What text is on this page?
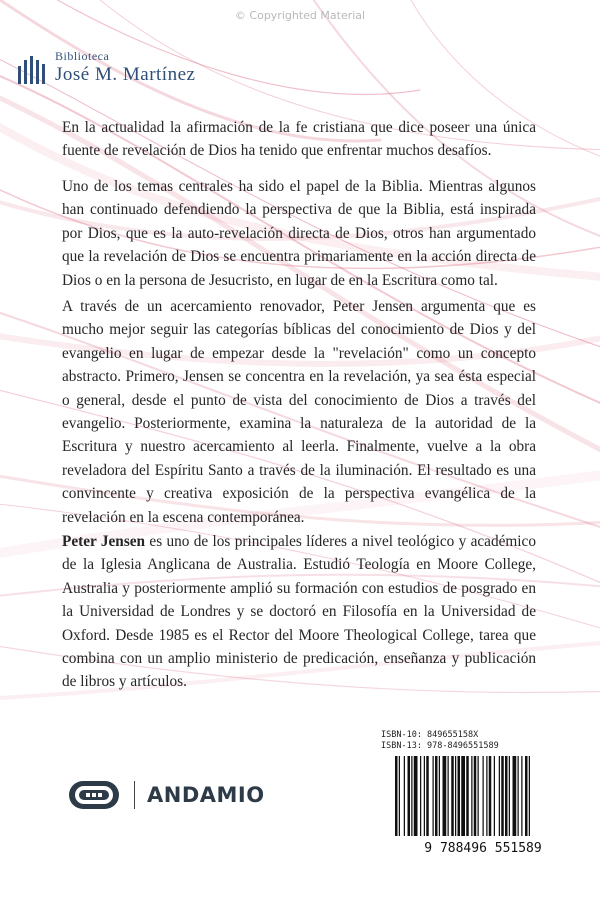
© Copyrighted Material
Biblioteca
José M. Martínez
En la actualidad la afirmación de la fe cristiana que dice poseer una única fuente de revelación de Dios ha tenido que enfrentar muchos desafíos.
Uno de los temas centrales ha sido el papel de la Biblia. Mientras algunos han continuado defendiendo la perspectiva de que la Biblia, está inspirada por Dios, que es la auto-revelación directa de Dios, otros han argumentado que la revelación de Dios se encuentra primariamente en la acción directa de Dios o en la persona de Jesucristo, en lugar de en la Escritura como tal.
A través de un acercamiento renovador, Peter Jensen argumenta que es mucho mejor seguir las categorías bíblicas del conocimiento de Dios y del evangelio en lugar de empezar desde la "revelación" como un concepto abstracto. Primero, Jensen se concentra en la revelación, ya sea ésta especial o general, desde el punto de vista del conocimiento de Dios a través del evangelio. Posteriormente, examina la naturaleza de la autoridad de la Escritura y nuestro acercamiento al leerla. Finalmente, vuelve a la obra reveladora del Espíritu Santo a través de la iluminación. El resultado es una convincente y creativa exposición de la perspectiva evangélica de la revelación en la escena contemporánea.
Peter Jensen es uno de los principales líderes a nivel teológico y académico de la Iglesia Anglicana de Australia. Estudió Teología en Moore College, Australia y posteriormente amplió su formación con estudios de posgrado en la Universidad de Londres y se doctoró en Filosofía en la Universidad de Oxford. Desde 1985 es el Rector del Moore Theological College, tarea que combina con un amplio ministerio de predicación, enseñanza y publicación de libros y artículos.
ANDAMIO
ISBN-10: 849655158X
ISBN-13: 978-8496551589
9 788496 551589
